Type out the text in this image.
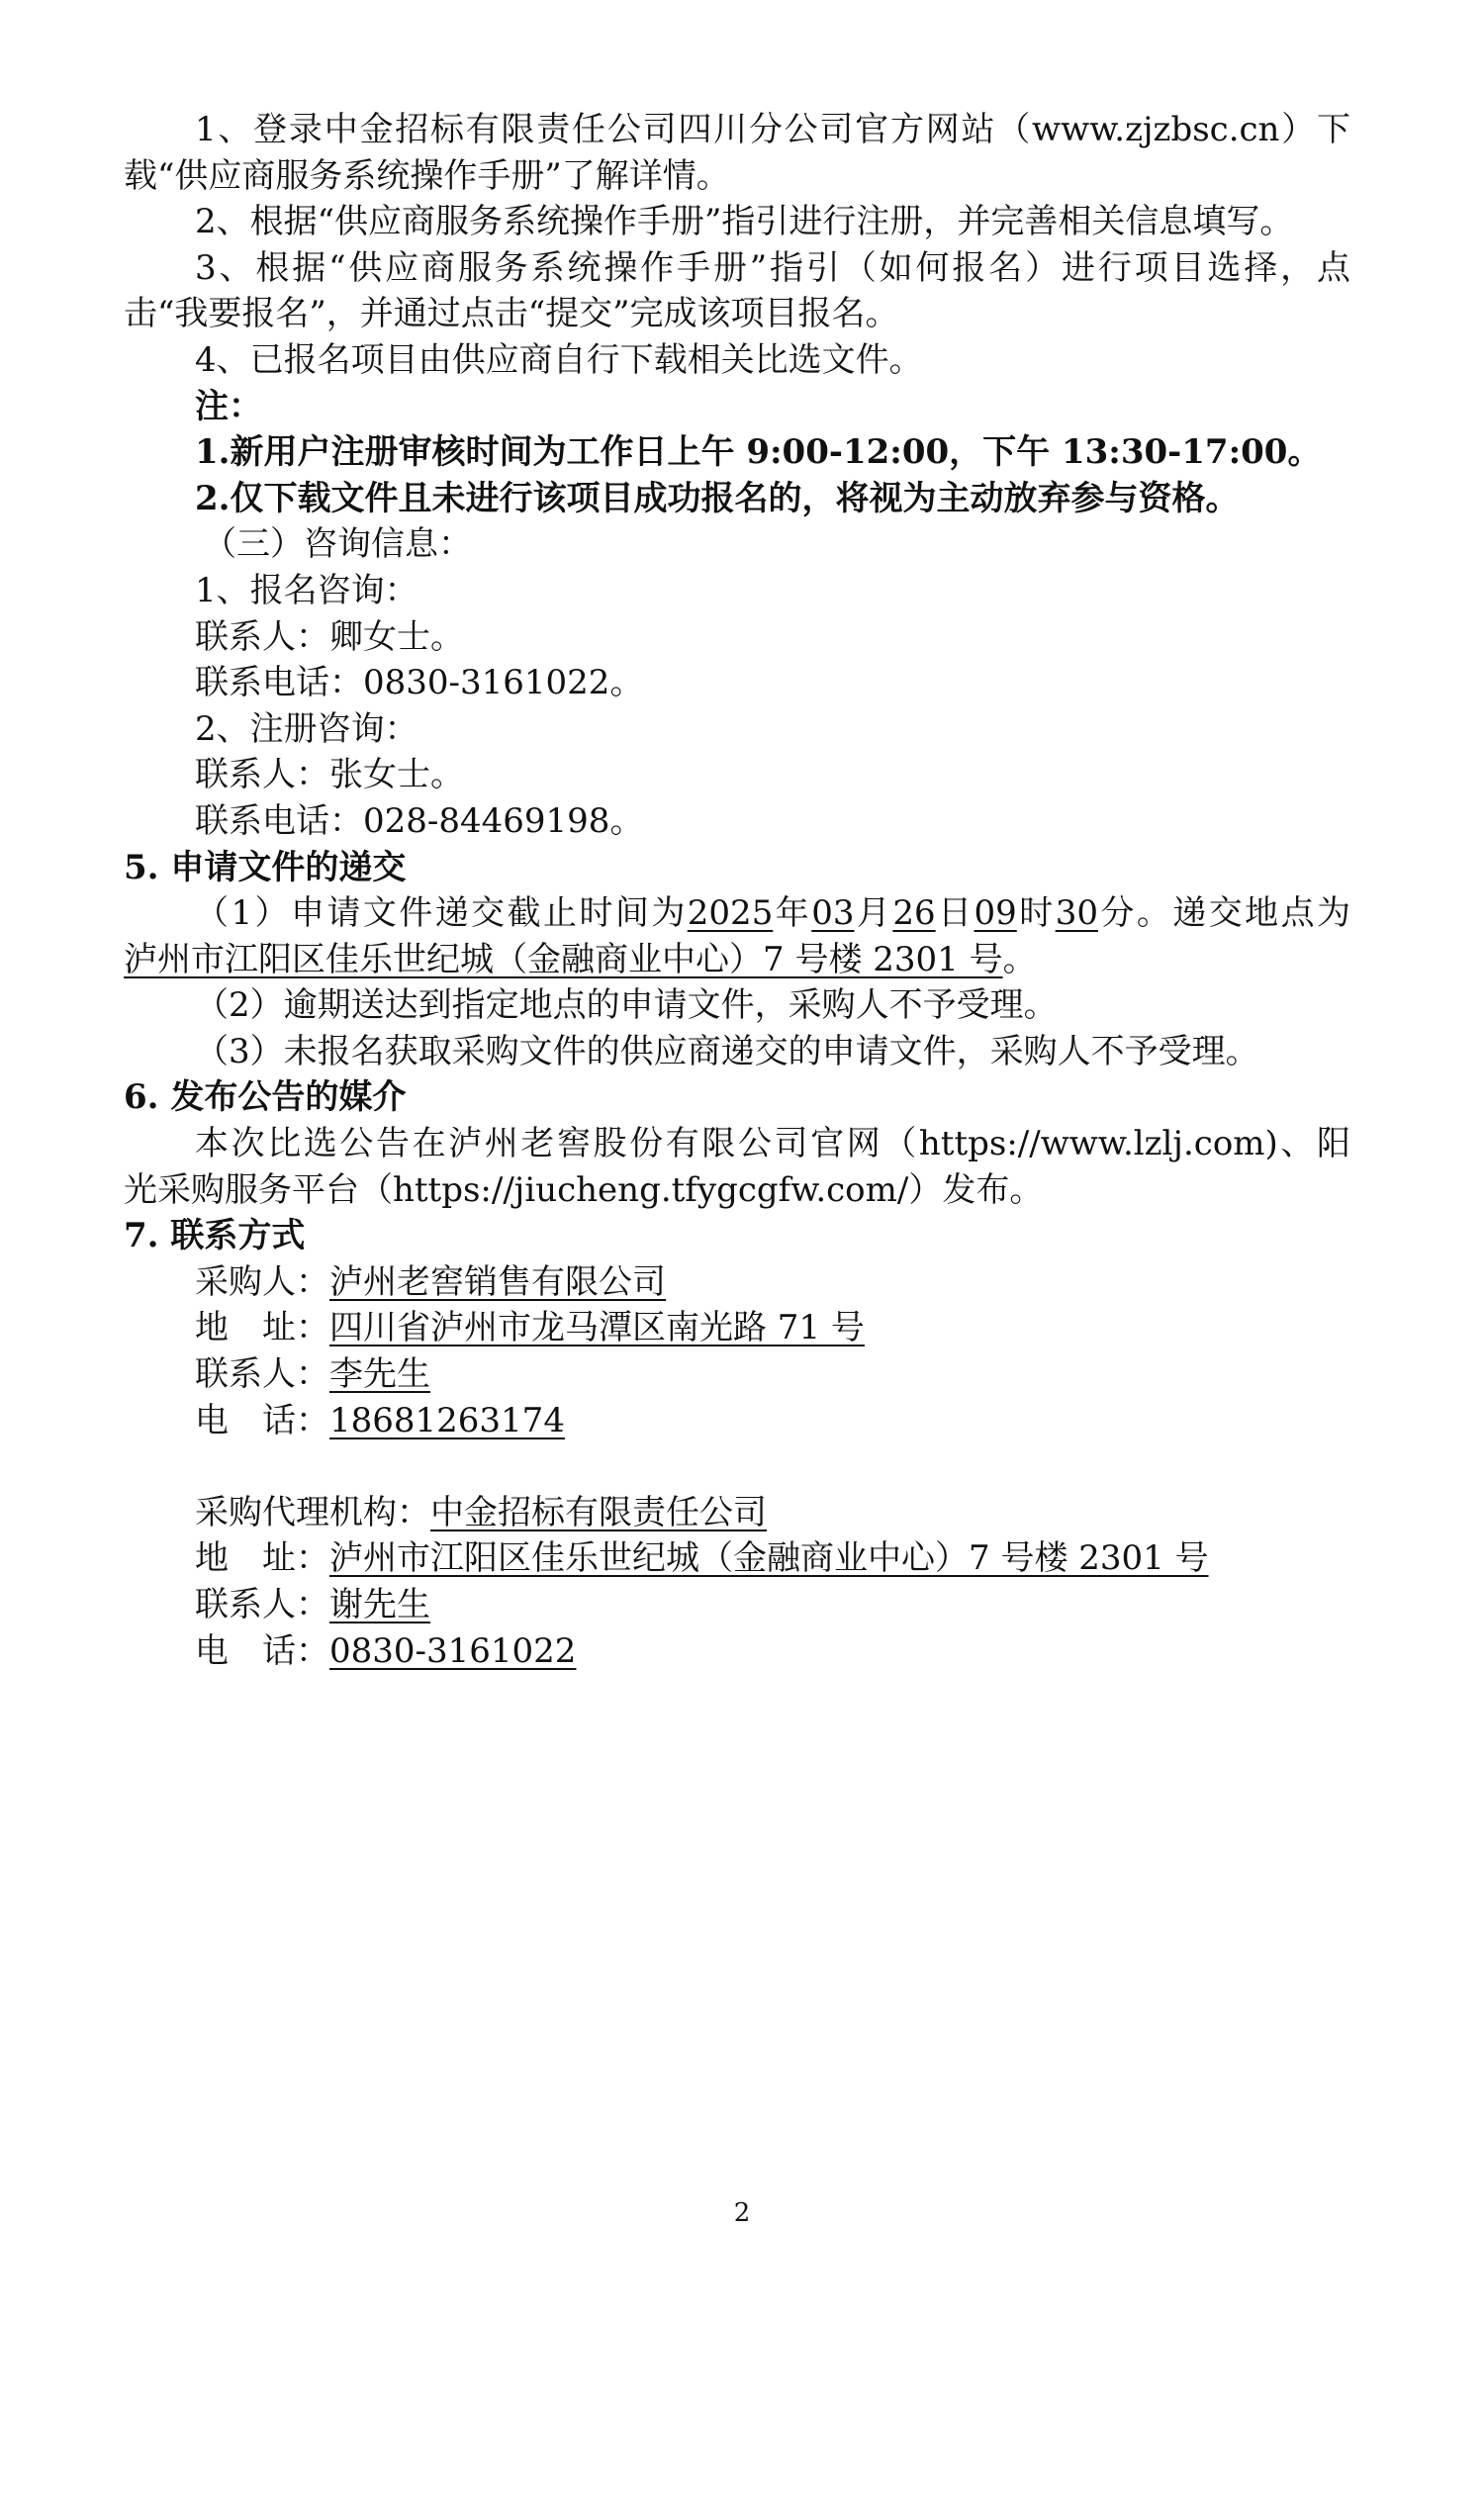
1、登录中金招标有限责任公司四川分公司官方网站（www.zjzbsc.cn）下
载“供应商服务系统操作手册”了解详情。
2、根据“供应商服务系统操作手册”指引进行注册，并完善相关信息填写。
3、根据“供应商服务系统操作手册”指引（如何报名）进行项目选择，点
击“我要报名”，并通过点击“提交”完成该项目报名。
4、已报名项目由供应商自行下载相关比选文件。
注：
1.新用户注册审核时间为工作日上午 9:00-12:00，下午 13:30-17:00。
2.仅下载文件且未进行该项目成功报名的，将视为主动放弃参与资格。
（三）咨询信息：
1、报名咨询：
联系人：卿女士。
联系电话：0830-3161022。
2、注册咨询：
联系人：张女士。
联系电话：028-84469198。
5. 申请文件的递交
（1）申请文件递交截止时间为2025年03月26日09时30分。递交地点为
泸州市江阳区佳乐世纪城（金融商业中心）7 号楼 2301 号。
（2）逾期送达到指定地点的申请文件，采购人不予受理。
（3）未报名获取采购文件的供应商递交的申请文件，采购人不予受理。
6. 发布公告的媒介
本次比选公告在泸州老窖股份有限公司官网（https://www.lzlj.com)、阳
光采购服务平台（https://jiucheng.tfygcgfw.com/）发布。
7. 联系方式
采购人：泸州老窖销售有限公司
地　址：四川省泸州市龙马潭区南光路 71 号
联系人：李先生
电　话：18681263174
采购代理机构：中金招标有限责任公司
地　址：泸州市江阳区佳乐世纪城（金融商业中心）7 号楼 2301 号
联系人：谢先生
电　话：0830-3161022
2
